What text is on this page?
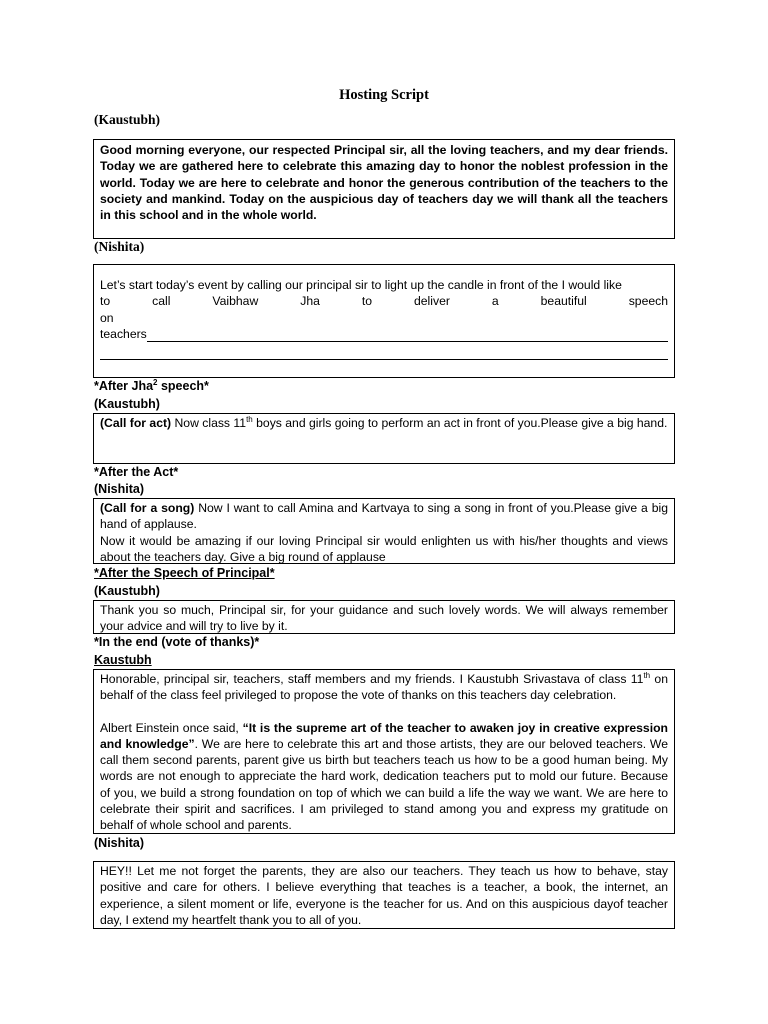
Hosting Script
(Kaustubh)

Good morning everyone, our respected Principal sir, all the loving teachers, and my dear friends. Today we are gathered here to celebrate this amazing day to honor the noblest profession in the world. Today we are here to celebrate and honor the generous contribution of the teachers to the society and mankind. Today on the auspicious day of teachers day we will thank all the teachers in this school and in the whole world.

(Nishita)

Let’s start today’s event by calling our principal sir to light up the candle in front of the I would like

to call Vaibhaw Jha to deliver a beautiful speech on

teachers
*After Jha$^2$ speech*
(Kaustubh)

(Call for act) Now class 11th boys and girls going to perform an act in front of you.Please give a big hand.

*After the Act*
(Nishita)

(Call for a song) Now I want to call Amina and Kartvaya to sing a song in front of you.Please give a big hand of applause.

Now it would be amazing if our loving Principal sir would enlighten us with his/her thoughts and views about the teachers day. Give a big round of applause

*After the Speech of Principal*
(Kaustubh)

Thank you so much, Principal sir, for your guidance and such lovely words. We will always remember your advice and will try to live by it.

*In the end (vote of thanks)*
Kaustubh

Honorable, principal sir, teachers, staff members and my friends. I Kaustubh Srivastava of class 11th on behalf of the class feel privileged to propose the vote of thanks on this teachers day celebration.

Albert Einstein once said, “It is the supreme art of the teacher to awaken joy in creative expression and knowledge”. We are here to celebrate this art and those artists, they are our beloved teachers. We call them second parents, parent give us birth but teachers teach us how to be a good human being. My words are not enough to appreciate the hard work, dedication teachers put to mold our future. Because of you, we build a strong foundation on top of which we can build a life the way we want. We are here to celebrate their spirit and sacrifices. I am privileged to stand among you and express my gratitude on behalf of whole school and parents.

(Nishita)

HEY!! Let me not forget the parents, they are also our teachers. They teach us how to behave, stay positive and care for others. I believe everything that teaches is a teacher, a book, the internet, an experience, a silent moment or life, everyone is the teacher for us. And on this auspicious dayof teacher day, I extend my heartfelt thank you to all of you.
